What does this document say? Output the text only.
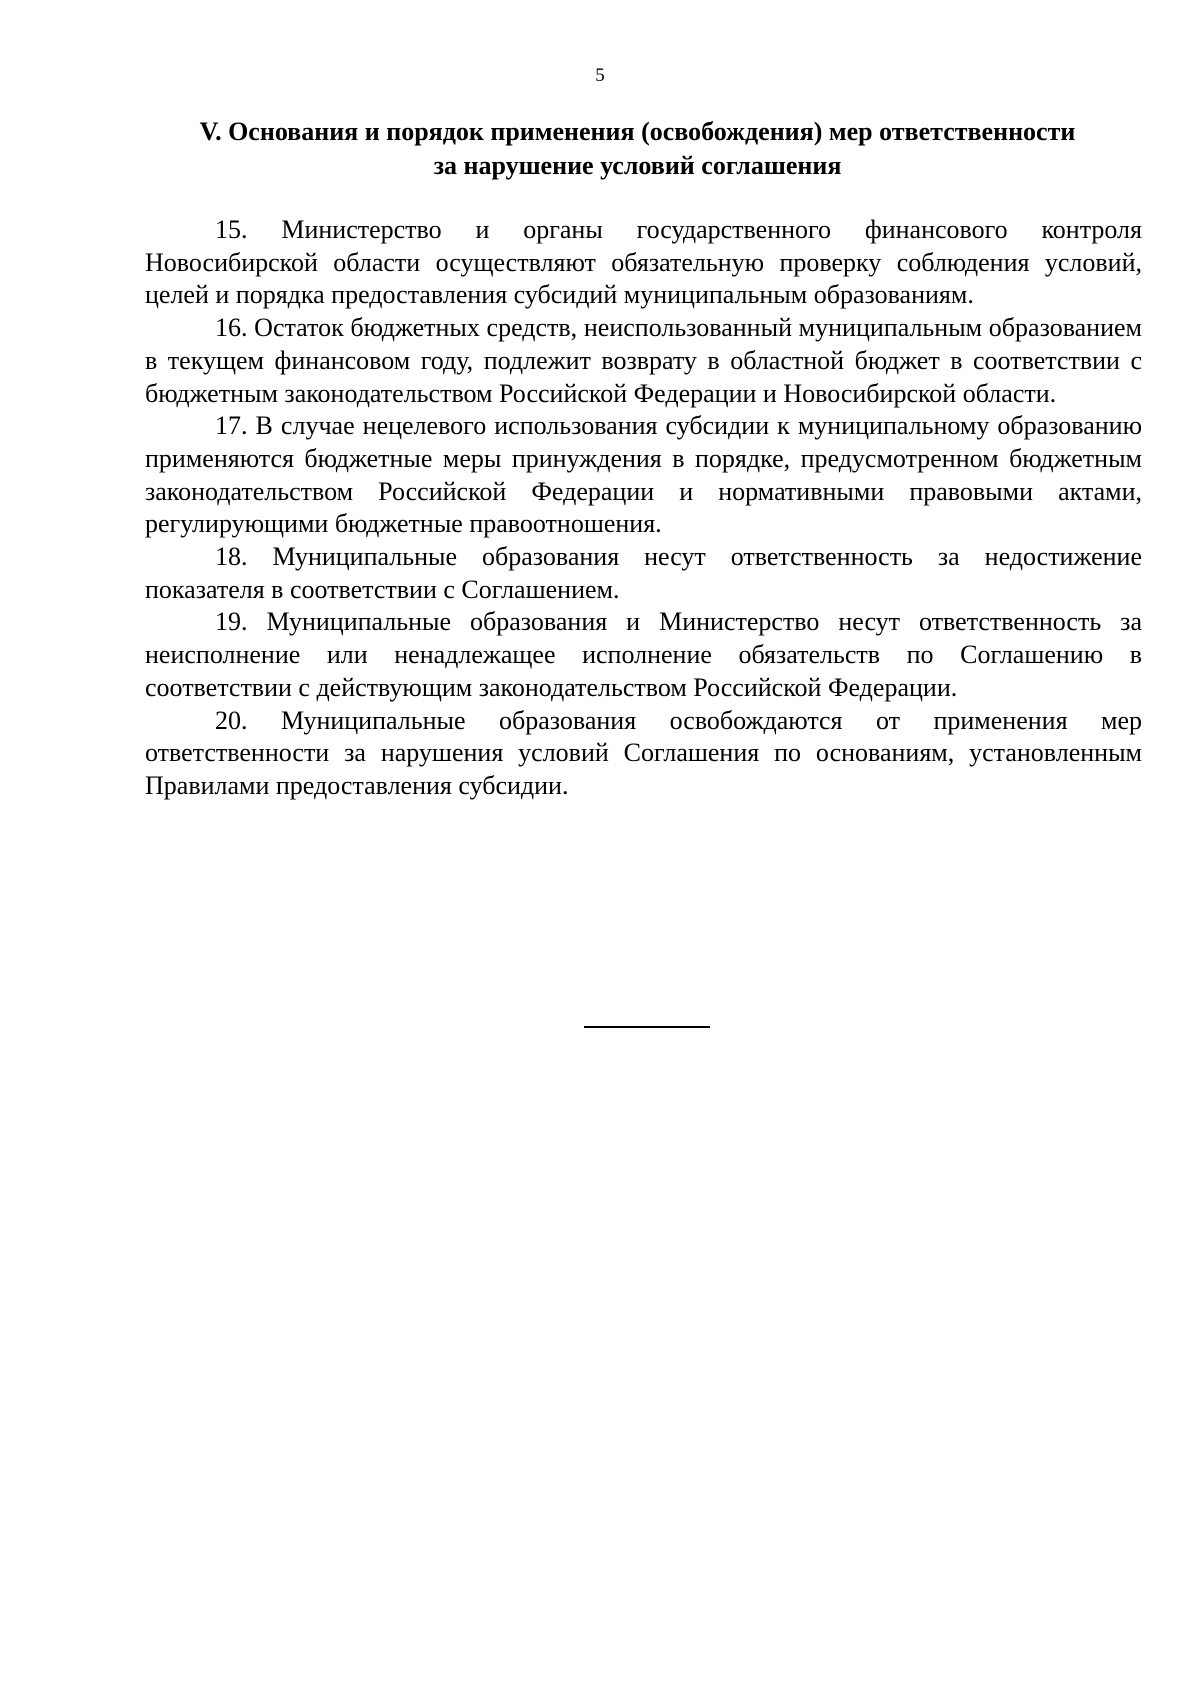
5
V. Основания и порядок применения (освобождения) мер ответственности
за нарушение условий соглашения

15. Министерство и органы государственного финансового контроля Новосибирской области осуществляют обязательную проверку соблюдения условий, целей и порядка предоставления субсидий муниципальным образованиям.

16. Остаток бюджетных средств, неиспользованный муниципальным образованием в текущем финансовом году, подлежит возврату в областной бюджет в соответствии с бюджетным законодательством Российской Федерации и Новосибирской области.

17. В случае нецелевого использования субсидии к муниципальному образованию применяются бюджетные меры принуждения в порядке, предусмотренном бюджетным законодательством Российской Федерации и нормативными правовыми актами, регулирующими бюджетные правоотношения.

18. Муниципальные образования несут ответственность за недостижение показателя в соответствии с Соглашением.

19. Муниципальные образования и Министерство несут ответственность за неисполнение или ненадлежащее исполнение обязательств по Соглашению в соответствии с действующим законодательством Российской Федерации.

20. Муниципальные образования освобождаются от применения мер ответственности за нарушения условий Соглашения по основаниям, установленным Правилами предоставления субсидии.
